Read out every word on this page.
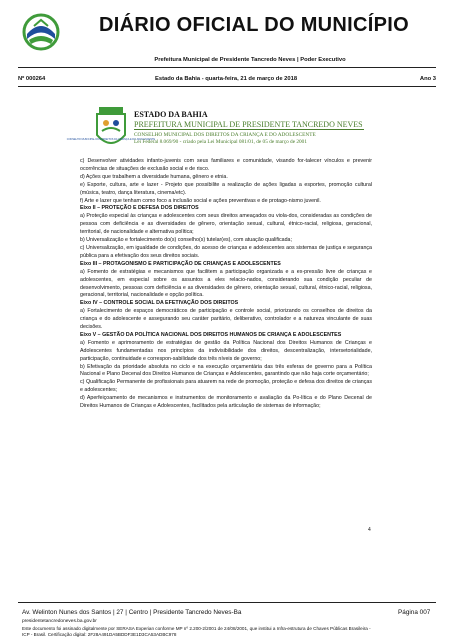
DIÁRIO OFICIAL DO MUNICÍPIO
Prefeitura Municipal de Presidente Tancredo Neves | Poder Executivo
Nº 000264	Estado da Bahia - quarta-feira, 21 de março de 2018	Ano 3
CONSELHO MUNICIPAL DOS DIREITOS DA CRIANÇA E DO ADOLESCENTE
ESTADO DA BAHIA
PREFEITURA MUNICIPAL DE PRESIDENTE TANCREDO NEVES
CONSELHO MUNICIPAL DOS DIREITOS DA CRIANÇA E DO ADOLESCENTE
Lei Federal 8.069/90 - criado pela Lei Municipal 081/01, de 05 de março de 2001

c) Desenvolver atividades infanto-juvenis com seus familiares e comunidade, visando for-talecer vínculos e prevenir ocorrências de situações de exclusão social e de risco.

d) Ações que trabalhem a diversidade humana, gênero e etnia.

e) Esporte, cultura, arte e lazer - Projeto que possibilite a realização de ações ligadas a esportes, promoção cultural (música, teatro, dança literatura, cinema/etc).

f) Arte e lazer que tenham como foco a inclusão social e ações preventivas e de protago-nismo juvenil.

Eixo II – PROTEÇÃO E DEFESA DOS DIREITOS

a) Proteção especial às crianças e adolescentes com seus direitos ameaçados ou viola-dos, consideradas as condições de pessoa com deficiência e as diversidades de gênero, orientação sexual, cultural, étnico-racial, religiosa, geracional, territorial, de nacionalidade e alternativa política;

b) Universalização e fortalecimento do(s) conselho(s) tutelar(es), com atuação qualificada;

c) Universalização, em igualdade de condições, do acesso de crianças e adolescentes aos sistemas de justiça e segurança pública para a efetivação dos seus direitos sociais.

Eixo III – PROTAGONISMO E PARTICIPAÇÃO DE CRIANÇAS E ADOLESCENTES

a) Fomento de estratégias e mecanismos que facilitem a participação organizada e a ex-pressão livre de crianças e adolescentes, em especial sobre os assuntos a eles relacio-nados, considerando sua condição peculiar de desenvolvimento, pessoas com deficiência e as diversidades de gênero, orientação sexual, cultural, étnico-racial, religiosa, geracional, territorial, nacionalidade e opção política.

Eixo IV – CONTROLE SOCIAL DA EFETIVAÇÃO DOS DIREITOS

a) Fortalecimento de espaços democráticos de participação e controle social, priorizando os conselhos de direitos da criança e do adolescente e assegurando seu caráter paritário, deliberativo, controlador e a natureza vinculante de suas decisões.

Eixo V – GESTÃO DA POLÍTICA NACIONAL DOS DIREITOS HUMANOS DE CRIANÇA E ADOLESCENTES

a) Fomento e aprimoramento de estratégias de gestão da Política Nacional dos Direitos Humanos de Crianças e Adolescentes fundamentadas nos princípios da indivisibilidade dos direitos, descentralização, intersetorialidade, participação, continuidade e correspon-sabilidade dos três níveis de governo;

b) Efetivação da prioridade absoluta no ciclo e na execução orçamentária das três esferas de governo para a Política Nacional e Plano Decenal dos Direitos Humanos de Crianças e Adolescentes, garantindo que não haja corte orçamentário;

c) Qualificação Permanente de profissionais para atuarem na rede de promoção, proteção e defesa dos direitos de crianças e adolescentes;

d) Aperfeiçoamento de mecanismos e instrumentos de monitoramento e avaliação da Po-lítica e do Plano Decenal de Direitos Humanos de Crianças e Adolescentes, facilitados pela articulação de sistemas de informação;

4
Av. Welinton Nunes dos Santos | 27 | Centro | Presidente Tancredo Neves-Ba	Página 007
presidentetancredoneves.ba.gov.br
Este documento foi assinado digitalmente por SERASA Experian conforme MP nº 2.200-2/2001 de 24/08/2001, que institui a Infra-estrutura de Chaves Públicas Brasileira -
ICP - Brasil. Certificação digital: 2F28A491DA5BDDF3E1D3CA53ADBC978
